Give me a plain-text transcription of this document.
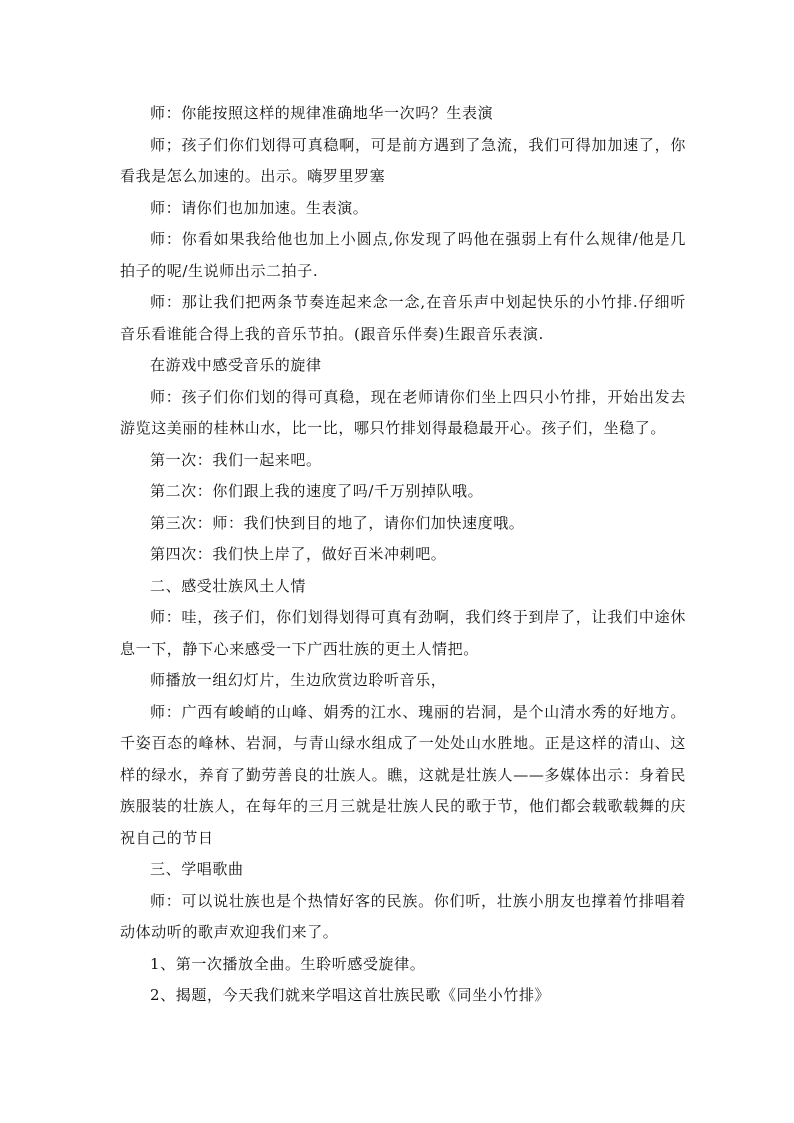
师：你能按照这样的规律准确地华一次吗？生表演

师；孩子们你们划得可真稳啊，可是前方遇到了急流，我们可得加加速了，你看我是怎么加速的。出示。嗨罗里罗塞

师：请你们也加加速。生表演。

师：你看如果我给他也加上小圆点,你发现了吗他在强弱上有什么规律/他是几拍子的呢/生说师出示二拍子.

师：那让我们把两条节奏连起来念一念,在音乐声中划起快乐的小竹排.仔细听音乐看谁能合得上我的音乐节拍。(跟音乐伴奏)生跟音乐表演.

在游戏中感受音乐的旋律

师：孩子们你们划的得可真稳，现在老师请你们坐上四只小竹排，开始出发去游览这美丽的桂林山水，比一比，哪只竹排划得最稳最开心。孩子们，坐稳了。

第一次：我们一起来吧。

第二次：你们跟上我的速度了吗/千万别掉队哦。

第三次：师：我们快到目的地了，请你们加快速度哦。

第四次：我们快上岸了，做好百米冲刺吧。

二、感受壮族风土人情

师：哇，孩子们，你们划得划得可真有劲啊，我们终于到岸了，让我们中途休息一下，静下心来感受一下广西壮族的更土人情把。

师播放一组幻灯片，生边欣赏边聆听音乐，

师：广西有峻峭的山峰、娟秀的江水、瑰丽的岩洞，是个山清水秀的好地方。千姿百态的峰林、岩洞，与青山绿水组成了一处处山水胜地。正是这样的清山、这样的绿水，养育了勤劳善良的壮族人。瞧，这就是壮族人——多媒体出示：身着民族服装的壮族人，在每年的三月三就是壮族人民的歌于节，他们都会载歌载舞的庆祝自己的节日

三、学唱歌曲

师：可以说壮族也是个热情好客的民族。你们听，壮族小朋友也撑着竹排唱着动体动听的歌声欢迎我们来了。

1、第一次播放全曲。生聆听感受旋律。

2、揭题，今天我们就来学唱这首壮族民歌《同坐小竹排》
